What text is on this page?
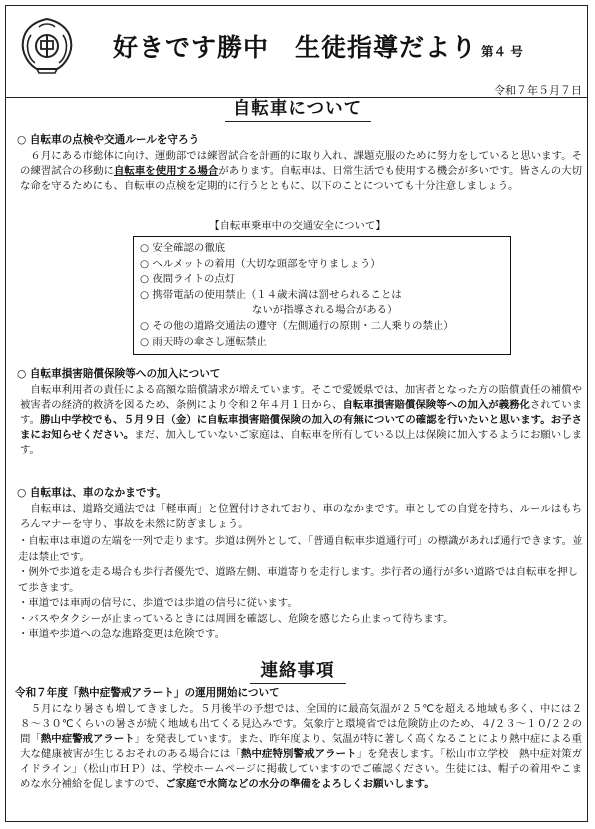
好きです勝中　生徒指導だより 第４ 号
令和７年５月７日
自転車について
○ 自転車の点検や交通ルールを守ろう
　６月にある市総体に向け、運動部では練習試合を計画的に取り入れ、課題克服のために努力をしていると思います。その練習試合の移動に自転車を使用する場合があります。自転車は、日常生活でも使用する機会が多いです。皆さんの大切な命を守るためにも、自転車の点検を定期的に行うとともに、以下のことについても十分注意しましょう。
【自転車乗車中の交通安全について】
○ 安全確認の徹底
○ ヘルメットの着用（大切な頭部を守りましょう）
○ 夜間ライトの点灯
○ 携帯電話の使用禁止（１４歳未満は罰せられることは
ないが指導される場合がある）
○ その他の道路交通法の遵守（左側通行の原則・二人乗りの禁止）
○ 雨天時の傘さし運転禁止
○ 自転車損害賠償保険等への加入について
　自転車利用者の責任による高額な賠償請求が増えています。そこで愛媛県では、加害者となった方の賠償責任の補償や被害者の経済的救済を図るため、条例により令和２年４月１日から、自転車損害賠償保険等への加入が義務化されています。勝山中学校でも、５月９日（金）に自転車損害賠償保険の加入の有無についての確認を行いたいと思います。お子さまにお知らせください。まだ、加入していないご家庭は、自転車を所有している以上は保険に加入するようにお願いします。
○ 自転車は、車のなかまです。
　自転車は、道路交通法では「軽車両」と位置付けされており、車のなかまです。車としての自覚を持ち、ルールはもちろんマナーを守り、事故を未然に防ぎましょう。
・自転車は車道の左端を一列で走ります。歩道は例外として、「普通自転車歩道通行可」の標識があれば通行できます。並走は禁止です。
・例外で歩道を走る場合も歩行者優先で、道路左側、車道寄りを走行します。歩行者の通行が多い道路では自転車を押して歩きます。
・車道では車両の信号に、歩道では歩道の信号に従います。
・バスやタクシーが止まっているときには周囲を確認し、危険を感じたら止まって待ちます。
・車道や歩道への急な進路変更は危険です。
連絡事項
令和７年度「熱中症警戒アラート」の運用開始について
　５月になり暑さも増してきました。５月後半の予想では、全国的に最高気温が２５℃を超える地域も多く、中には２８～３０℃くらいの暑さが続く地域も出てくる見込みです。気象庁と環境省では危険防止のため、４/２３～１０/２２の間「熱中症警戒アラート」を発表しています。また、昨年度より、気温が特に著しく高くなることにより熱中症による重大な健康被害が生じるおそれのある場合には「熱中症特別警戒アラート」を発表します。「松山市立学校　熱中症対策ガイドライン」（松山市ＨＰ）は、学校ホームページに掲載していますのでご確認ください。生徒には、帽子の着用やこまめな水分補給を促しますので、ご家庭で水筒などの水分の準備をよろしくお願いします。
